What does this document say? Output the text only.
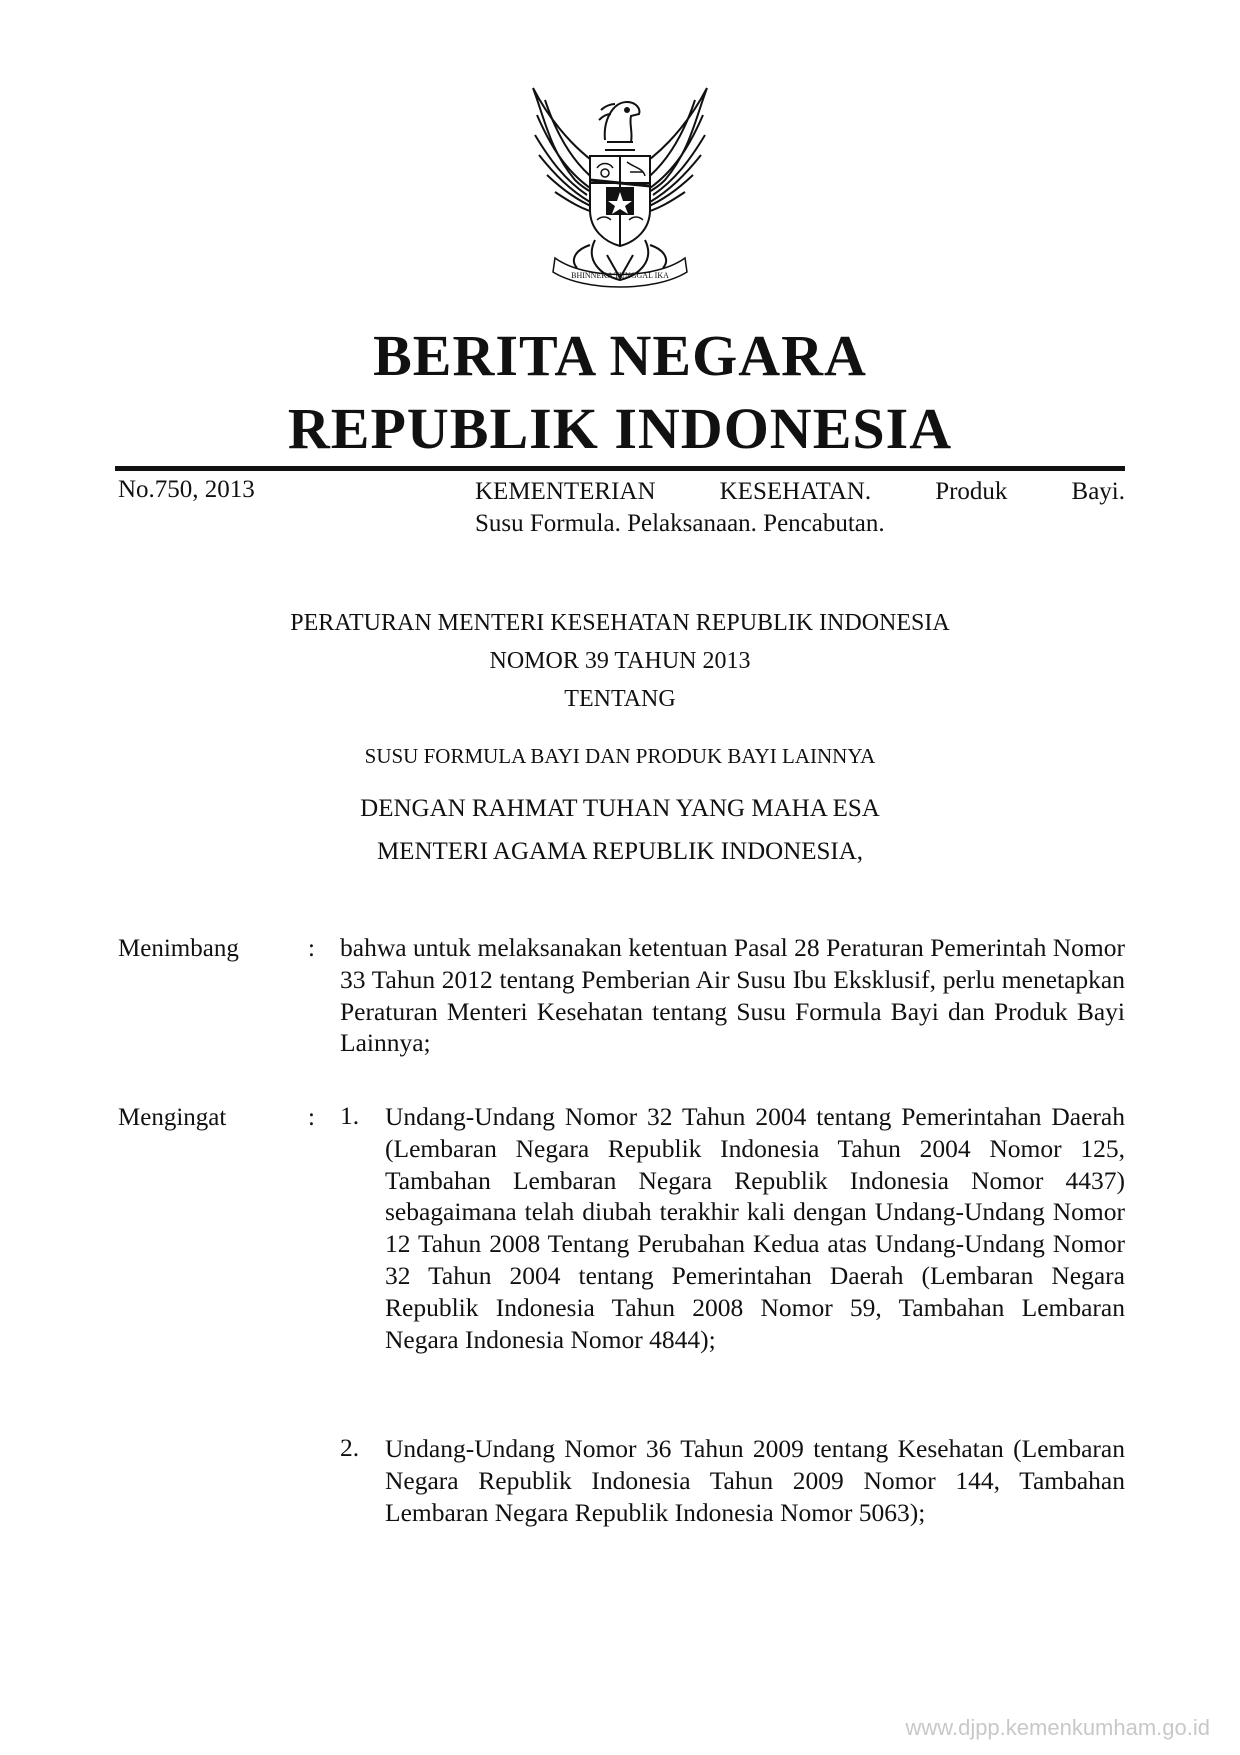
BHINNEKA TUNGGAL IKA
BERITA NEGARA
REPUBLIK INDONESIA
No.750, 2013	KEMENTERIAN	KESEHATAN.	Produk	Bayi.
Susu Formula. Pelaksanaan. Pencabutan.
PERATURAN MENTERI KESEHATAN REPUBLIK INDONESIA
NOMOR 39 TAHUN 2013
TENTANG
SUSU FORMULA BAYI DAN PRODUK BAYI LAINNYA
DENGAN RAHMAT TUHAN YANG MAHA ESA
MENTERI AGAMA REPUBLIK INDONESIA,
Menimbang	: bahwa untuk melaksanakan ketentuan Pasal 28 Peraturan Pemerintah Nomor 33 Tahun 2012 tentang Pemberian Air Susu Ibu Eksklusif, perlu menetapkan Peraturan Menteri Kesehatan tentang Susu Formula Bayi dan Produk Bayi Lainnya;
Mengingat	: 1. Undang-Undang Nomor 32 Tahun 2004 tentang Pemerintahan Daerah (Lembaran Negara Republik Indonesia Tahun 2004 Nomor 125, Tambahan Lembaran Negara Republik Indonesia Nomor 4437) sebagaimana telah diubah terakhir kali dengan Undang-Undang Nomor 12 Tahun 2008 Tentang Perubahan Kedua atas Undang-Undang Nomor 32 Tahun 2004 tentang Pemerintahan Daerah (Lembaran Negara Republik Indonesia Tahun 2008 Nomor 59, Tambahan Lembaran Negara Indonesia Nomor 4844);
2. Undang-Undang Nomor 36 Tahun 2009 tentang Kesehatan (Lembaran Negara Republik Indonesia Tahun 2009 Nomor 144, Tambahan Lembaran Negara Republik Indonesia Nomor 5063);
www.djpp.kemenkumham.go.id
